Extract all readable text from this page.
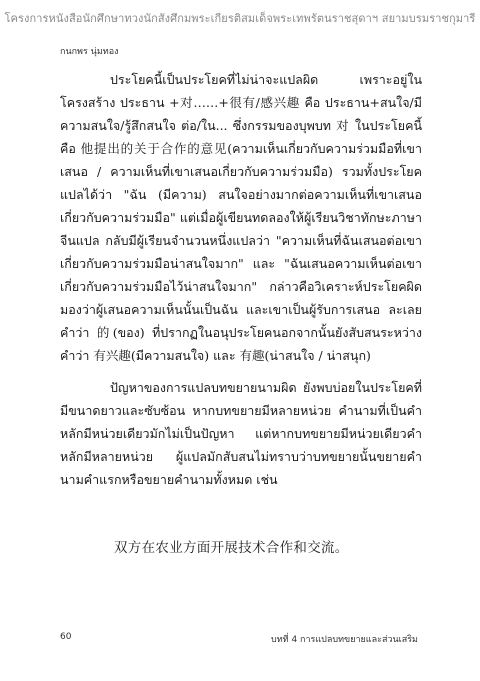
โครงการหนังสือนักศึกษาทวงนักสังศึกมพระเกียรติสมเด็จพระเทพรัตนราชสุดาฯ สยามบรมราชกุมารี
กนกพร นุ่มทอง

ประโยคนี้เป็นประโยคที่ไม่น่าจะแปลผิด เพราะอยู่ในโครงสร้าง ประธาน +对……+很有/感兴趣 คือ ประธาน+สนใจ/มีความสนใจ/รู้สึกสนใจ ต่อ/ใน... ซึ่งกรรมของบุพบท 对 ในประโยคนี้คือ 他提出的关于合作的意见(ความเห็นเกี่ยวกับความร่วมมือที่เขาเสนอ / ความเห็นที่เขาเสนอเกี่ยวกับความร่วมมือ) รวมทั้งประโยคแปลได้ว่า "ฉัน (มีความ) สนใจอย่างมากต่อความเห็นที่เขาเสนอเกี่ยวกับความร่วมมือ" แต่เมื่อผู้เขียนทดลองให้ผู้เรียนวิชาทักษะภาษาจีนแปล กลับมีผู้เรียนจำนวนหนึ่งแปลว่า "ความเห็นที่ฉันเสนอต่อเขาเกี่ยวกับความร่วมมือน่าสนใจมาก" และ "ฉันเสนอความเห็นต่อเขาเกี่ยวกับความร่วมมือไว้น่าสนใจมาก" กล่าวคือวิเคราะห์ประโยคผิด มองว่าผู้เสนอความเห็นนั้นเป็นฉัน และเขาเป็นผู้รับการเสนอ ละเลยคำว่า 的(ของ) ที่ปรากฏในอนุประโยคนอกจากนั้นยังสับสนระหว่างคำว่า 有兴趣(มีความสนใจ) และ 有趣(น่าสนใจ / น่าสนุก)

ปัญหาของการแปลบทขยายนามผิด ยังพบบ่อยในประโยคที่มีขนาดยาวและซับซ้อน หากบทขยายมีหลายหน่วย คำนามที่เป็นคำหลักมีหน่วยเดียวมักไม่เป็นปัญหา แต่หากบทขยายมีหน่วยเดียวคำหลักมีหลายหน่วย ผู้แปลมักสับสนไม่ทราบว่าบทขยายนั้นขยายคำนามคำแรกหรือขยายคำนามทั้งหมด เช่น

双方在农业方面开展技术合作和交流。
60	บทที่ 4 การแปลบทขยายและส่วนเสริม
